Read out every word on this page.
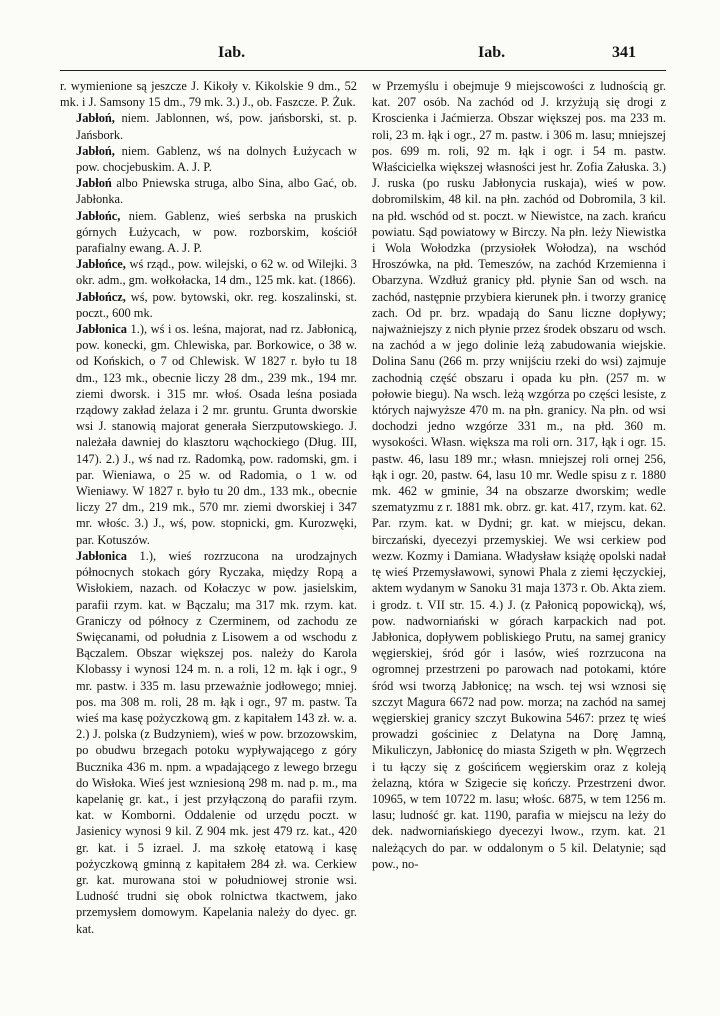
Iab.	Iab.	341

r. wymienione są jeszcze J. Kikoły v. Kikolskie 9 dm., 52 mk. i J. Samsony 15 dm., 79 mk. 3.) J., ob. Faszcze. P. Żuk.

Jabłoń, niem. Jablonnen, wś, pow. jańsborski, st. p. Jańsbork.

Jabłoń, niem. Gablenz, wś na dolnych Łużycach w pow. chocjebuskim. A. J. P.

Jabłoń albo Pniewska struga, albo Sina, albo Gać, ob. Jabłonka.

Jabłońc, niem. Gablenz, wieś serbska na pruskich górnych Łużycach, w pow. rozborskim, kościół parafialny ewang. A. J. P.

Jabłońce, wś rząd., pow. wilejski, o 62 w. od Wilejki. 3 okr. adm., gm. wołkołacka, 14 dm., 125 mk. kat. (1866).

Jabłończ, wś, pow. bytowski, okr. reg. koszalinski, st. poczt., 600 mk.

Jabłonica 1.), wś i os. leśna, majorat, nad rz. Jabłonicą, pow. konecki, gm. Chlewiska, par. Borkowice, o 38 w. od Końskich, o 7 od Chlewisk. W 1827 r. było tu 18 dm., 123 mk., obecnie liczy 28 dm., 239 mk., 194 mr. ziemi dworsk. i 315 mr. włoś. Osada leśna posiada rządowy zakład żelaza i 2 mr. gruntu. Grunta dworskie wsi J. stanowią majorat generała Sierzputowskiego. J. należała dawniej do klasztoru wąchockiego (Dług. III, 147). 2.) J., wś nad rz. Radomką, pow. radomski, gm. i par. Wieniawa, o 25 w. od Radomia, o 1 w. od Wieniawy. W 1827 r. było tu 20 dm., 133 mk., obecnie liczy 27 dm., 219 mk., 570 mr. ziemi dworskiej i 347 mr. włośc. 3.) J., wś, pow. stopnicki, gm. Kurozwęki, par. Kotuszów.

Jabłonica 1.), wieś rozrzucona na urodzajnych północnych stokach góry Ryczaka, między Ropą a Wisłokiem, nazach. od Kołaczyc w pow. jasielskim, parafii rzym. kat. w Bączalu; ma 317 mk. rzym. kat. Graniczy od północy z Czerminem, od zachodu ze Swięcanami, od południa z Lisowem a od wschodu z Bączalem. Obszar większej pos. należy do Karola Klobassy i wynosi 124 m. n. a roli, 12 m. łąk i ogr., 9 mr. pastw. i 335 m. lasu przeważnie jodłowego; mniej. pos. ma 308 m. roli, 28 m. łąk i ogr., 97 m. pastw. Ta wieś ma kasę pożyczkową gm. z kapitałem 143 zł. w. a. 2.) J. polska (z Budzyniem), wieś w pow. brzozowskim, po obudwu brzegach potoku wypływającego z góry Bucznika 436 m. npm. a wpadającego z lewego brzegu do Wisłoka. Wieś jest wzniesioną 298 m. nad p. m., ma kapelanię gr. kat., i jest przyłączoną do parafii rzym. kat. w Komborni. Oddalenie od urzędu poczt. w Jasienicy wynosi 9 kil. Z 904 mk. jest 479 rz. kat., 420 gr. kat. i 5 izrael. J. ma szkołę etatową i kasę pożyczkową gminną z kapitałem 284 zł. wa. Cerkiew gr. kat. murowana stoi w południowej stronie wsi. Ludność trudni się obok rolnictwa tkactwem, jako przemysłem domowym. Kapelania należy do dyec. gr. kat.

w Przemyślu i obejmuje 9 miejscowości z ludnością gr. kat. 207 osób. Na zachód od J. krzyżują się drogi z Kroscienka i Jaćmierza. Obszar większej pos. ma 233 m. roli, 23 m. łąk i ogr., 27 m. pastw. i 306 m. lasu; mniejszej pos. 699 m. roli, 92 m. łąk i ogr. i 54 m. pastw. Właścicielka większej własności jest hr. Zofia Załuska. 3.) J. ruska (po rusku Jabłonycia ruskaja), wieś w pow. dobromilskim, 48 kil. na płn. zachód od Dobromila, 3 kil. na płd. wschód od st. poczt. w Niewistce, na zach. krańcu powiatu. Sąd powiatowy w Birczy. Na płn. leży Niewistka i Wola Wołodzka (przysiołek Wołodza), na wschód Hroszówka, na płd. Temeszów, na zachód Krzemienna i Obarzyna. Wzdłuż granicy płd. płynie San od wsch. na zachód, następnie przybiera kierunek płn. i tworzy granicę zach. Od pr. brz. wpadają do Sanu liczne dopływy; najważniejszy z nich płynie przez środek obszaru od wsch. na zachód a w jego dolinie leżą zabudowania wiejskie. Dolina Sanu (266 m. przy wnijściu rzeki do wsi) zajmuje zachodnią część obszaru i opada ku płn. (257 m. w połowie biegu). Na wsch. leżą wzgórza po części lesiste, z których najwyższe 470 m. na płn. granicy. Na płn. od wsi dochodzi jedno wzgórze 331 m., na płd. 360 m. wysokości. Własn. większa ma roli orn. 317, łąk i ogr. 15. pastw. 46, lasu 189 mr.; własn. mniejszej roli ornej 256, łąk i ogr. 20, pastw. 64, lasu 10 mr. Wedle spisu z r. 1880 mk. 462 w gminie, 34 na obszarze dworskim; wedle szematyzmu z r. 1881 mk. obrz. gr. kat. 417, rzym. kat. 62. Par. rzym. kat. w Dydni; gr. kat. w miejscu, dekan. birczański, dyecezyi przemyskiej. We wsi cerkiew pod wezw. Kozmy i Damiana. Władysław książę opolski nadał tę wieś Przemysławowi, synowi Phala z ziemi łęczyckiej, aktem wydanym w Sanoku 31 maja 1373 r. Ob. Akta ziem. i grodz. t. VII str. 15. 4.) J. (z Pałonicą popowicką), wś, pow. nadworniański w górach karpackich nad pot. Jabłonica, dopływem pobliskiego Prutu, na samej granicy węgierskiej, śród gór i lasów, wieś rozrzucona na ogromnej przestrzeni po parowach nad potokami, które śród wsi tworzą Jabłonicę; na wsch. tej wsi wznosi się szczyt Magura 6672 nad pow. morza; na zachód na samej węgierskiej granicy szczyt Bukowina 5467: przez tę wieś prowadzi gościniec z Delatyna na Dorę Jamną, Mikuliczyn, Jabłonicę do miasta Szigeth w płn. Węgrzech i tu łączy się z gościńcem węgierskim oraz z koleją żelazną, która w Szigecie się kończy. Przestrzeni dwor. 10965, w tem 10722 m. lasu; włośc. 6875, w tem 1256 m. lasu; ludność gr. kat. 1190, parafia w miejscu na leży do dek. nadworniańskiego dyecezyi lwow., rzym. kat. 21 należących do par. w oddalonym o 5 kil. Delatynie; sąd pow., no-
